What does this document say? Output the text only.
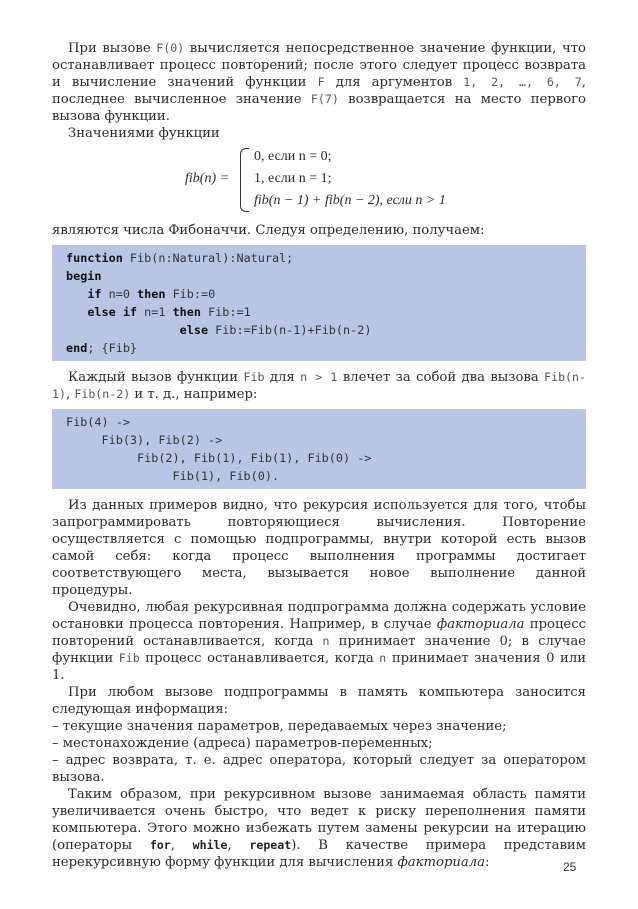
При вызове F(0) вычисляется непосредственное значение функции, что останавливает процесс повторений; после этого следует процесс возврата и вычисление значений функции F для аргументов 1, 2, …, 6, 7, последнее вычисленное значение F(7) возвращается на место первого вызова функции.

Значениями функции

fib(n) =
0, если n = 0;
1, если n = 1;
fib(n − 1) + fib(n − 2), если n > 1

являются числа Фибоначчи. Следуя определению, получаем:

function Fib(n:Natural):Natural;
begin
if n=0 then Fib:=0
else if n=1 then Fib:=1
else Fib:=Fib(n-1)+Fib(n-2)
end; {Fib}

Каждый вызов функции Fib для n > 1 влечет за собой два вызова Fib(n-1), Fib(n-2) и т. д., например:

Fib(4) ->
Fib(3), Fib(2) ->
Fib(2), Fib(1), Fib(1), Fib(0) ->
Fib(1), Fib(0).

Из данных примеров видно, что рекурсия используется для того, чтобы запрограммировать повторяющиеся вычисления. Повторение осуществляется с помощью подпрограммы, внутри которой есть вызов самой себя: когда процесс выполнения программы достигает соответствующего места, вызывается новое выполнение данной процедуры.

Очевидно, любая рекурсивная подпрограмма должна содержать условие остановки процесса повторения. Например, в случае факториала процесс повторений останавливается, когда n принимает значение 0; в случае функции Fib процесс останавливается, когда n принимает значения 0 или 1.

При любом вызове подпрограммы в память компьютера заносится следующая информация:

– текущие значения параметров, передаваемых через значение;

– местонахождение (адреса) параметров-переменных;

– адрес возврата, т. е. адрес оператора, который следует за оператором вызова.

Таким образом, при рекурсивном вызове занимаемая область памяти увеличивается очень быстро, что ведет к риску переполнения памяти компьютера. Этого можно избежать путем замены рекурсии на итерацию (операторы for, while, repeat). В качестве примера представим нерекурсивную форму функции для вычисления факториала:	25
